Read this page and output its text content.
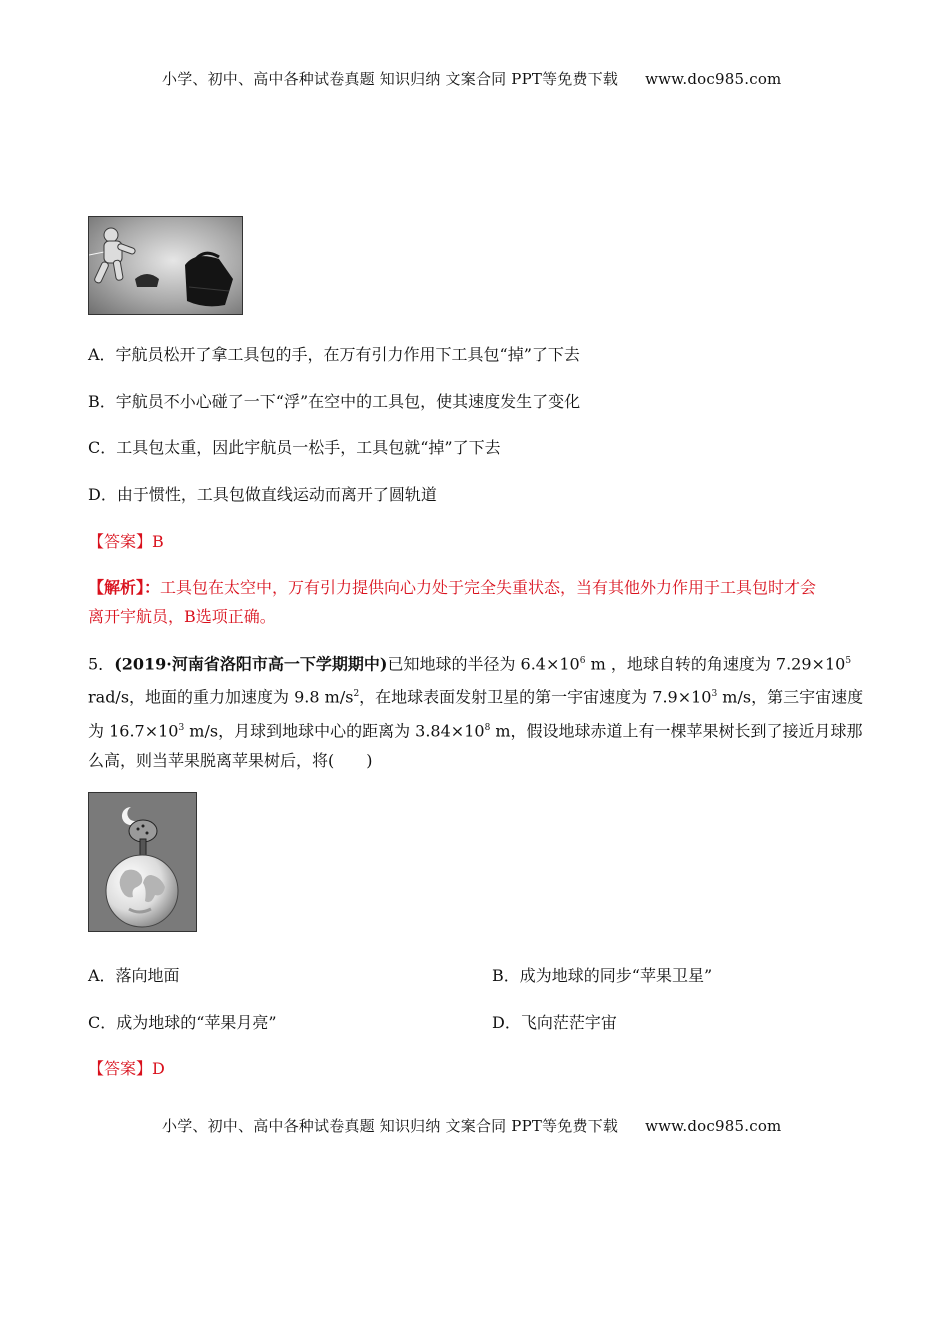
小学、初中、高中各种试卷真题 知识归纳 文案合同 PPT等免费下载 www.doc985.com
A．宇航员松开了拿工具包的手，在万有引力作用下工具包“掉”了下去
B．宇航员不小心碰了一下“浮”在空中的工具包，使其速度发生了变化
C．工具包太重，因此宇航员一松手，工具包就“掉”了下去
D．由于惯性，工具包做直线运动而离开了圆轨道
【答案】B
【解析】：工具包在太空中，万有引力提供向心力处于完全失重状态，当有其他外力作用于工具包时才会
离开宇航员，B选项正确。
5．(2019·河南省洛阳市高一下学期期中)已知地球的半径为 $6.4\times 10^6$ m ，地球自转的角速度为 $7.29\times 10^5$ rad/s，地面的重力加速度为 9.8 $m/s^2$，在地球表面发射卫星的第一宇宙速度为 $7.9\times 10^3$ m/s，第三宇宙速度为 $16.7\times 10^3$ m/s，月球到地球中心的距离为 $3.84\times 10^8$ m，假设地球赤道上有一棵苹果树长到了接近月球那么高，则当苹果脱离苹果树后，将(　　)
A．落向地面	B．成为地球的同步“苹果卫星”
C．成为地球的“苹果月亮”	D．飞向茫茫宇宙
【答案】D
小学、初中、高中各种试卷真题 知识归纳 文案合同 PPT等免费下载 www.doc985.com
